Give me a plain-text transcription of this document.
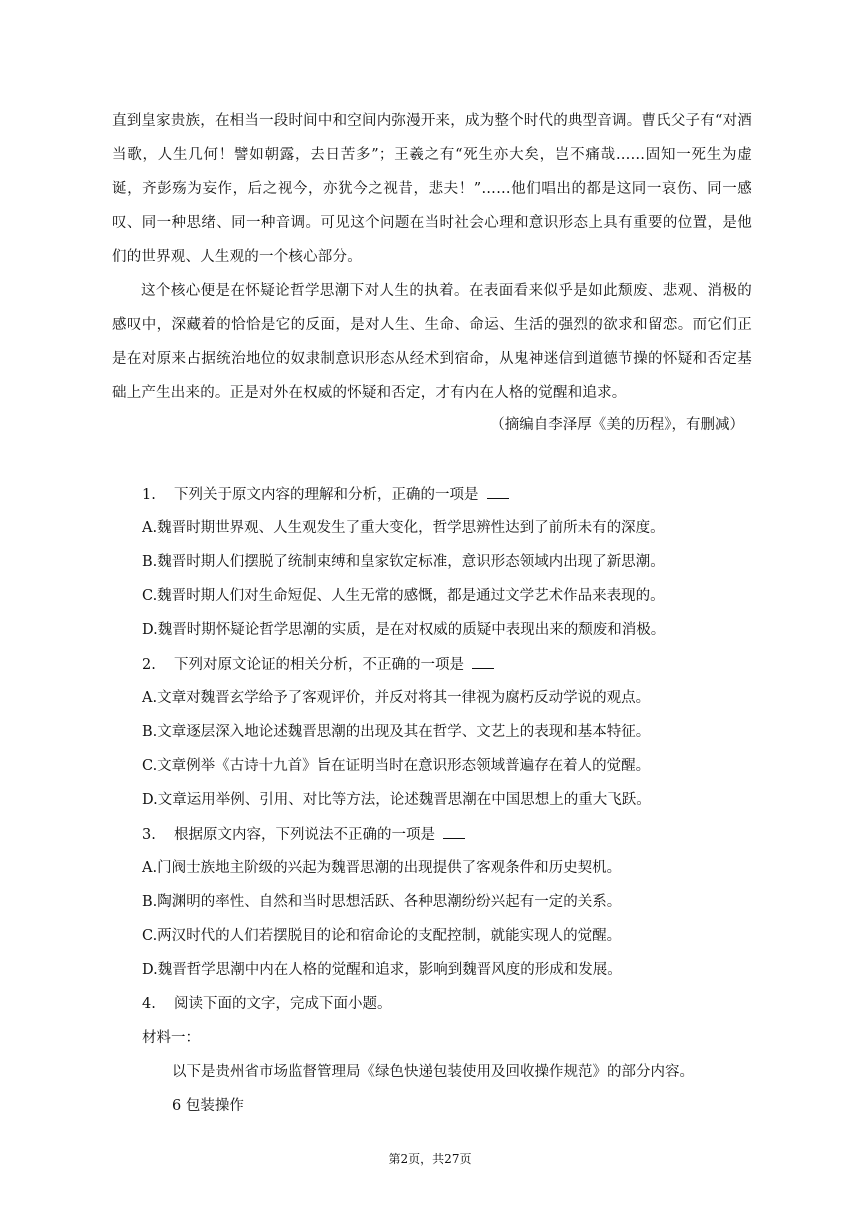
直到皇家贵族，在相当一段时间中和空间内弥漫开来，成为整个时代的典型音调。曹氏父子有“对酒当歌，人生几何！譬如朝露，去日苦多”；王羲之有“死生亦大矣，岂不痛哉……固知一死生为虚诞，齐彭殇为妄作，后之视今，亦犹今之视昔，悲夫！”……他们唱出的都是这同一哀伤、同一感叹、同一种思绪、同一种音调。可见这个问题在当时社会心理和意识形态上具有重要的位置，是他们的世界观、人生观的一个核心部分。

这个核心便是在怀疑论哲学思潮下对人生的执着。在表面看来似乎是如此颓废、悲观、消极的感叹中，深藏着的恰恰是它的反面，是对人生、生命、命运、生活的强烈的欲求和留恋。而它们正是在对原来占据统治地位的奴隶制意识形态从经术到宿命，从鬼神迷信到道德节操的怀疑和否定基础上产生出来的。正是对外在权威的怀疑和否定，才有内在人格的觉醒和追求。

（摘编自李泽厚《美的历程》，有删减）

1. 下列关于原文内容的理解和分析，正确的一项是

A.魏晋时期世界观、人生观发生了重大变化，哲学思辨性达到了前所未有的深度。

B.魏晋时期人们摆脱了统制束缚和皇家钦定标准，意识形态领域内出现了新思潮。

C.魏晋时期人们对生命短促、人生无常的感慨，都是通过文学艺术作品来表现的。

D.魏晋时期怀疑论哲学思潮的实质，是在对权威的质疑中表现出来的颓废和消极。

2. 下列对原文论证的相关分析，不正确的一项是

A.文章对魏晋玄学给予了客观评价，并反对将其一律视为腐朽反动学说的观点。

B.文章逐层深入地论述魏晋思潮的出现及其在哲学、文艺上的表现和基本特征。

C.文章例举《古诗十九首》旨在证明当时在意识形态领域普遍存在着人的觉醒。

D.文章运用举例、引用、对比等方法，论述魏晋思潮在中国思想上的重大飞跃。

3. 根据原文内容，下列说法不正确的一项是

A.门阀士族地主阶级的兴起为魏晋思潮的出现提供了客观条件和历史契机。

B.陶渊明的率性、自然和当时思想活跃、各种思潮纷纷兴起有一定的关系。

C.两汉时代的人们若摆脱目的论和宿命论的支配控制，就能实现人的觉醒。

D.魏晋哲学思潮中内在人格的觉醒和追求，影响到魏晋风度的形成和发展。

4. 阅读下面的文字，完成下面小题。

材料一：

以下是贵州省市场监督管理局《绿色快递包装使用及回收操作规范》的部分内容。

6 包装操作

第2页，共27页
